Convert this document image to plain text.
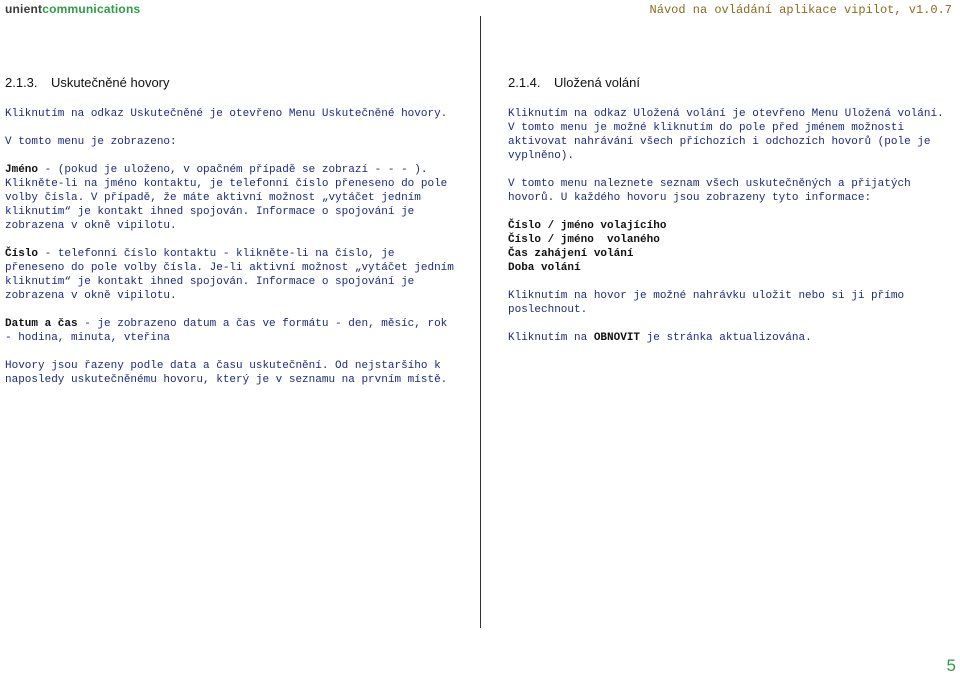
unientcommunications	Návod na ovládání aplikace vipilot, v1.0.7
2.1.3. Uskutečněné hovory

Kliknutím na odkaz Uskutečněné je otevřeno Menu Uskutečněné hovory.

V tomto menu je zobrazeno:

Jméno - (pokud je uloženo, v opačném případě se zobrazí - - - ). Klikněte-li na jméno kontaktu, je telefonní číslo přeneseno do pole volby čísla. V případě, že máte aktivní možnost „vytáčet jedním kliknutím“ je kontakt ihned spojován. Informace o spojování je zobrazena v okně vipilotu.

Číslo - telefonní číslo kontaktu - klikněte-li na číslo, je přeneseno do pole volby čísla. Je-li aktivní možnost „vytáčet jedním kliknutím“ je kontakt ihned spojován. Informace o spojování je zobrazena v okně vipilotu.

Datum a čas - je zobrazeno datum a čas ve formátu - den, měsíc, rok - hodina, minuta, vteřina

Hovory jsou řazeny podle data a času uskutečnění. Od nejstaršího k naposledy uskutečněnému hovoru, který je v seznamu na prvním místě.

2.1.4. Uložená volání

Kliknutím na odkaz Uložená volání je otevřeno Menu Uložená volání. V tomto menu je možné kliknutím do pole před jménem možnosti aktivovat nahrávání všech příchozích i odchozích hovorů (pole je vyplněno).

V tomto menu naleznete seznam všech uskutečněných a přijatých hovorů. U každého hovoru jsou zobrazeny tyto informace:

Číslo / jméno volajícího
Číslo / jméno  volaného
Čas zahájení volání
Doba volání

Kliknutím na hovor je možné nahrávku uložit nebo si ji přímo poslechnout.

Kliknutím na OBNOVIT je stránka aktualizována.

5
